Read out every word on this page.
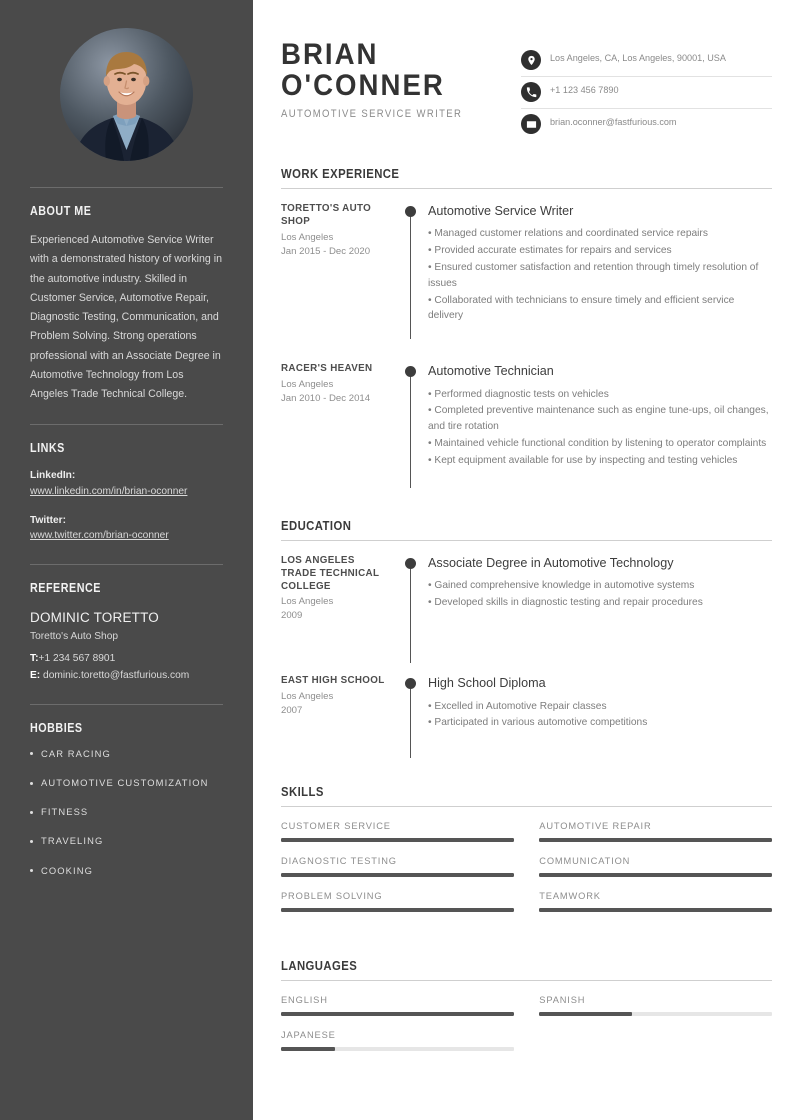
ABOUT ME

Experienced Automotive Service Writer with a demonstrated history of working in the automotive industry. Skilled in Customer Service, Automotive Repair, Diagnostic Testing, Communication, and Problem Solving. Strong operations professional with an Associate Degree in Automotive Technology from Los Angeles Trade Technical College.

LINKS
LinkedIn:
www.linkedin.com/in/brian-oconner
Twitter:
www.twitter.com/brian-oconner
REFERENCE
DOMINIC TORETTO
Toretto's Auto Shop
T:+1 234 567 8901
E: dominic.toretto@fastfurious.com
HOBBIES
CAR RACING
AUTOMOTIVE CUSTOMIZATION
FITNESS
TRAVELING
COOKING
BRIAN
O'CONNER
AUTOMOTIVE SERVICE WRITER
Los Angeles, CA, Los Angeles, 90001, USA
+1 123 456 7890
brian.oconner@fastfurious.com
WORK EXPERIENCE
TORETTO'S AUTO SHOP
Los Angeles
Jan 2015 - Dec 2020
Automotive Service Writer
• Managed customer relations and coordinated service repairs
• Provided accurate estimates for repairs and services
• Ensured customer satisfaction and retention through timely resolution of issues
• Collaborated with technicians to ensure timely and efficient service delivery
RACER'S HEAVEN
Los Angeles
Jan 2010 - Dec 2014
Automotive Technician
• Performed diagnostic tests on vehicles
• Completed preventive maintenance such as engine tune-ups, oil changes, and tire rotation
• Maintained vehicle functional condition by listening to operator complaints
• Kept equipment available for use by inspecting and testing vehicles
EDUCATION
LOS ANGELES TRADE TECHNICAL COLLEGE
Los Angeles
2009
Associate Degree in Automotive Technology
• Gained comprehensive knowledge in automotive systems
• Developed skills in diagnostic testing and repair procedures
EAST HIGH SCHOOL
Los Angeles
2007
High School Diploma
• Excelled in Automotive Repair classes
• Participated in various automotive competitions
SKILLS
CUSTOMER SERVICE	AUTOMOTIVE REPAIR
DIAGNOSTIC TESTING	COMMUNICATION
PROBLEM SOLVING	TEAMWORK
LANGUAGES
ENGLISH	SPANISH
JAPANESE
